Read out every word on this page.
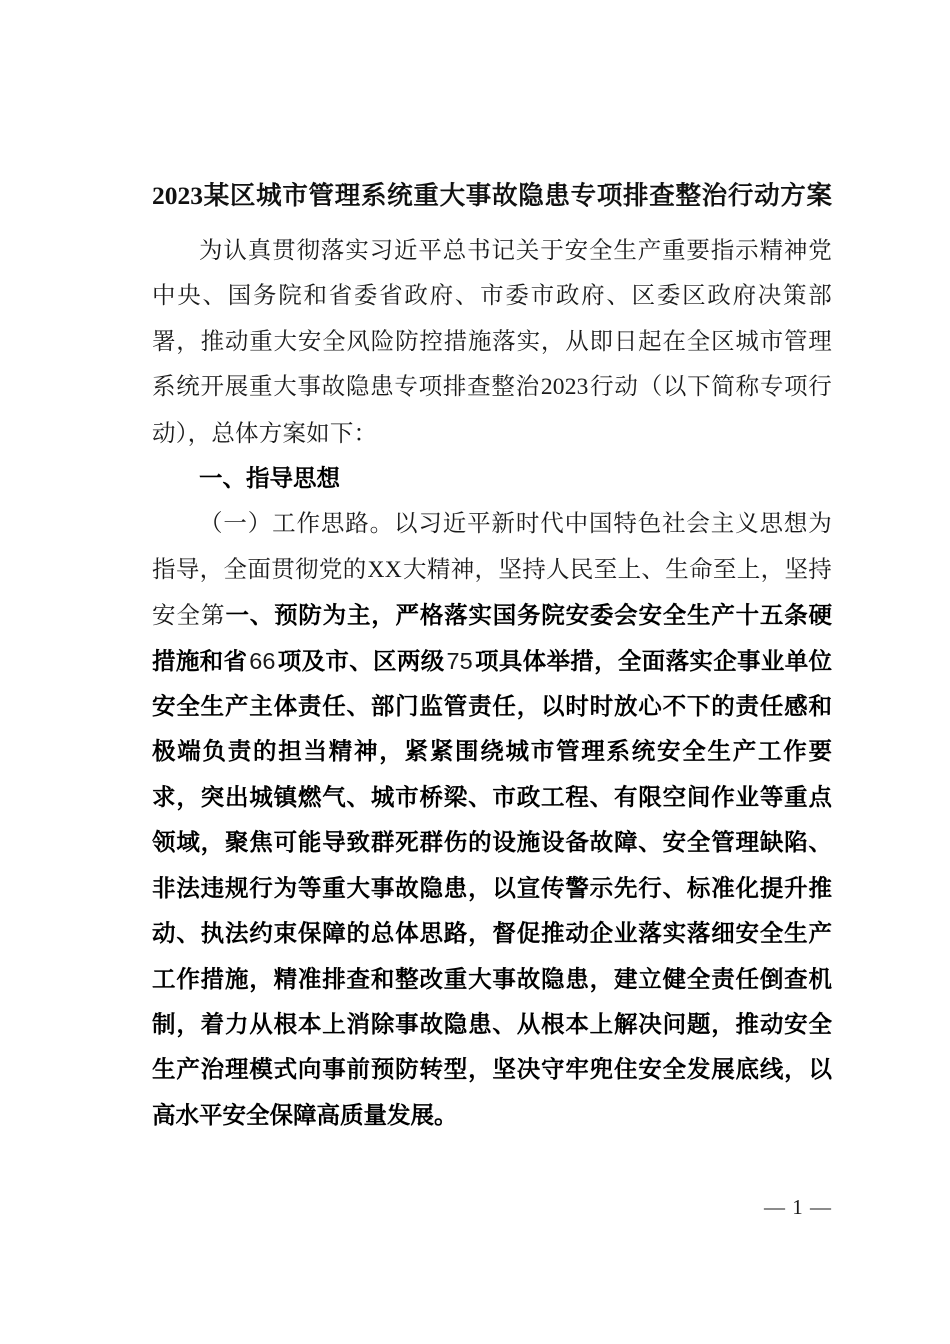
2023某区城市管理系统重大事故隐患专项排查整治行动方案

为认真贯彻落实习近平总书记关于安全生产重要指示精神党中央、国务院和省委省政府、市委市政府、区委区政府决策部署，推动重大安全风险防控措施落实，从即日起在全区城市管理系统开展重大事故隐患专项排查整治2023行动（以下简称专项行动），总体方案如下：

一、指导思想

（一）工作思路。以习近平新时代中国特色社会主义思想为指导，全面贯彻党的XX大精神，坚持人民至上、生命至上，坚持安全第一、预防为主，严格落实国务院安委会安全生产十五条硬措施和省66项及市、区两级75项具体举措，全面落实企事业单位安全生产主体责任、部门监管责任，以时时放心不下的责任感和极端负责的担当精神，紧紧围绕城市管理系统安全生产工作要求，突出城镇燃气、城市桥梁、市政工程、有限空间作业等重点领域，聚焦可能导致群死群伤的设施设备故障、安全管理缺陷、非法违规行为等重大事故隐患，以宣传警示先行、标准化提升推动、执法约束保障的总体思路，督促推动企业落实落细安全生产工作措施，精准排查和整改重大事故隐患，建立健全责任倒查机制，着力从根本上消除事故隐患、从根本上解决问题，推动安全生产治理模式向事前预防转型，坚决守牢兜住安全发展底线，以高水平安全保障高质量发展。

— 1 —
